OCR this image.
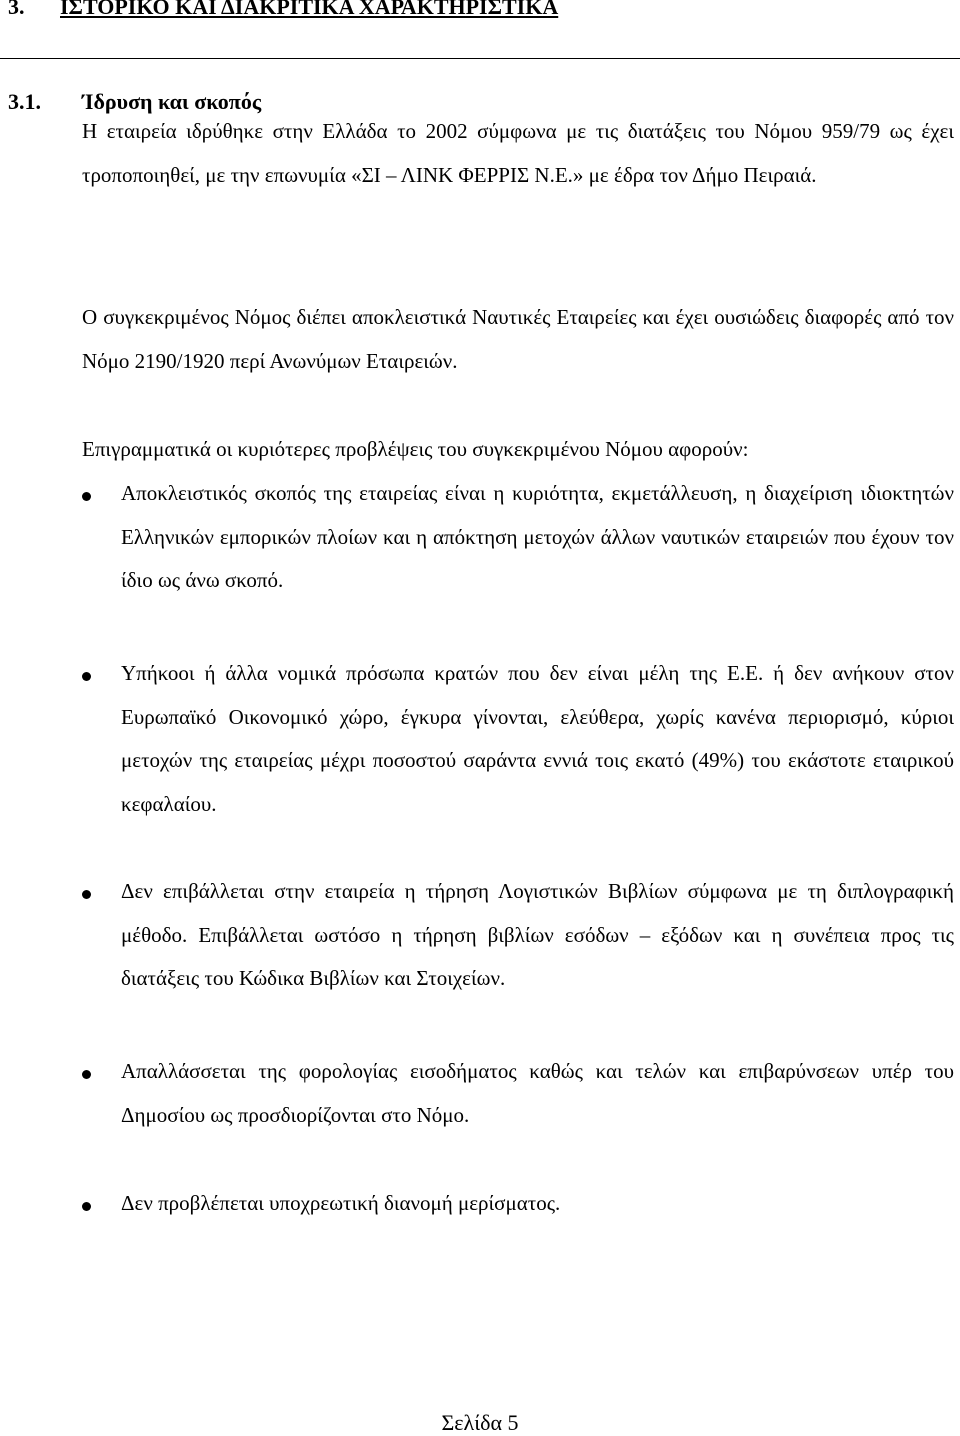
3. ΙΣΤΟΡΙΚΟ ΚΑΙ ΔΙΑΚΡΙΤΙΚΑ ΧΑΡΑΚΤΗΡΙΣΤΙΚΑ
3.1. Ίδρυση και σκοπός

Η εταιρεία ιδρύθηκε στην Ελλάδα το 2002 σύμφωνα με τις διατάξεις του Νόμου 959/79 ως έχει τροποποιηθεί, με την επωνυμία «ΣΙ – ΛΙΝΚ ΦΕΡΡΙΣ Ν.Ε.» με έδρα τον Δήμο Πειραιά.

Ο συγκεκριμένος Νόμος διέπει αποκλειστικά Ναυτικές Εταιρείες και έχει ουσιώδεις διαφορές από τον Νόμο 2190/1920 περί Ανωνύμων Εταιρειών.

Επιγραμματικά οι κυριότερες προβλέψεις του συγκεκριμένου Νόμου αφορούν:

Αποκλειστικός σκοπός της εταιρείας είναι η κυριότητα, εκμετάλλευση, η διαχείριση ιδιοκτητών Ελληνικών εμπορικών πλοίων και η απόκτηση μετοχών άλλων ναυτικών εταιρειών που έχουν τον ίδιο ως άνω σκοπό.

Υπήκοοι ή άλλα νομικά πρόσωπα κρατών που δεν είναι μέλη της Ε.Ε. ή δεν ανήκουν στον Ευρωπαϊκό Οικονομικό χώρο, έγκυρα γίνονται, ελεύθερα, χωρίς κανένα περιορισμό, κύριοι μετοχών της εταιρείας μέχρι ποσοστού σαράντα εννιά τοις εκατό (49%) του εκάστοτε εταιρικού κεφαλαίου.

Δεν επιβάλλεται στην εταιρεία η τήρηση Λογιστικών Βιβλίων σύμφωνα με τη διπλογραφική μέθοδο. Επιβάλλεται ωστόσο η τήρηση βιβλίων εσόδων – εξόδων και η συνέπεια προς τις διατάξεις του Κώδικα Βιβλίων και Στοιχείων.

Απαλλάσσεται της φορολογίας εισοδήματος καθώς και τελών και επιβαρύνσεων υπέρ του Δημοσίου ως προσδιορίζονται στο Νόμο.

Δεν προβλέπεται υποχρεωτική διανομή μερίσματος.

Σελίδα 5
